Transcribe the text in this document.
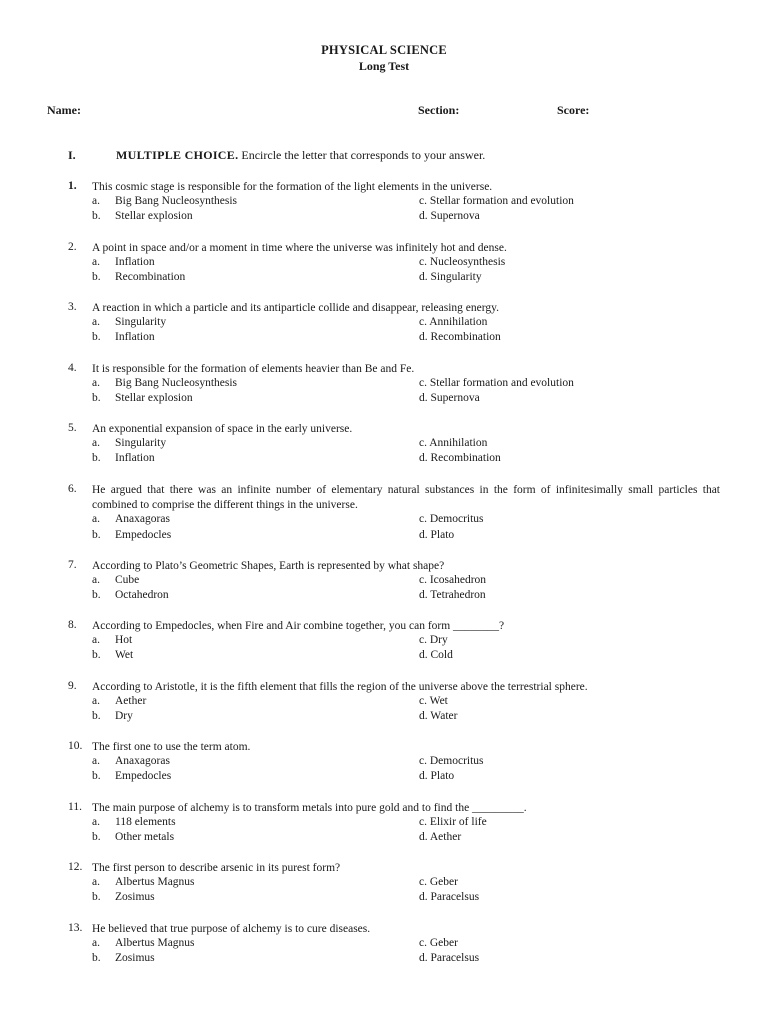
PHYSICAL SCIENCE
Long Test
Name:	Section:	Score:
I.	MULTIPLE CHOICE. Encircle the letter that corresponds to your answer.
1. This cosmic stage is responsible for the formation of the light elements in the universe.
a. Big Bang Nucleosynthesis	c. Stellar formation and evolution
b. Stellar explosion	d. Supernova
2. A point in space and/or a moment in time where the universe was infinitely hot and dense.
a. Inflation	c. Nucleosynthesis
b. Recombination	d. Singularity
3. A reaction in which a particle and its antiparticle collide and disappear, releasing energy.
a. Singularity	c. Annihilation
b. Inflation	d. Recombination
4. It is responsible for the formation of elements heavier than Be and Fe.
a. Big Bang Nucleosynthesis	c. Stellar formation and evolution
b. Stellar explosion	d. Supernova
5. An exponential expansion of space in the early universe.
a. Singularity	c. Annihilation
b. Inflation	d. Recombination
6. He argued that there was an infinite number of elementary natural substances in the form of infinitesimally small particles that combined to comprise the different things in the universe.
a. Anaxagoras	c. Democritus
b. Empedocles	d. Plato
7. According to Plato’s Geometric Shapes, Earth is represented by what shape?
a. Cube	c. Icosahedron
b. Octahedron	d. Tetrahedron
8. According to Empedocles, when Fire and Air combine together, you can form ________?
a. Hot	c. Dry
b. Wet	d. Cold
9. According to Aristotle, it is the fifth element that fills the region of the universe above the terrestrial sphere.
a. Aether	c. Wet
b. Dry	d. Water
10. The first one to use the term atom.
a. Anaxagoras	c. Democritus
b. Empedocles	d. Plato
11. The main purpose of alchemy is to transform metals into pure gold and to find the _________.
a. 118 elements	c. Elixir of life
b. Other metals	d. Aether
12. The first person to describe arsenic in its purest form?
a. Albertus Magnus	c. Geber
b. Zosimus	d. Paracelsus
13. He believed that true purpose of alchemy is to cure diseases.
a. Albertus Magnus	c. Geber
b. Zosimus	d. Paracelsus
